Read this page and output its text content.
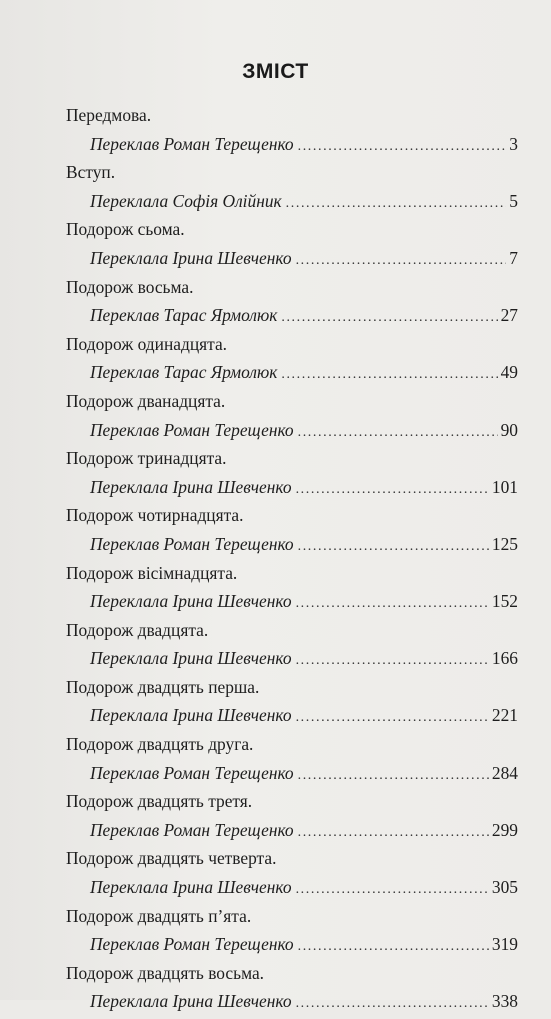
ЗМІСТ
Передмова.
Переклав Роман Терещенко .....	3
Вступ.
Переклала Софія Олійник .....	5
Подорож сьома.
Переклала Ірина Шевченко .....	7
Подорож восьма.
Переклав Тарас Ярмолюк .....	27
Подорож одинадцята.
Переклав Тарас Ярмолюк .....	49
Подорож дванадцята.
Переклав Роман Терещенко .....	90
Подорож тринадцята.
Переклала Ірина Шевченко .....	101
Подорож чотирнадцята.
Переклав Роман Терещенко .....	125
Подорож вісімнадцята.
Переклала Ірина Шевченко .....	152
Подорож двадцята.
Переклала Ірина Шевченко .....	166
Подорож двадцять перша.
Переклала Ірина Шевченко .....	221
Подорож двадцять друга.
Переклав Роман Терещенко .....	284
Подорож двадцять третя.
Переклав Роман Терещенко .....	299
Подорож двадцять четверта.
Переклала Ірина Шевченко .....	305
Подорож двадцять п’ята.
Переклав Роман Терещенко .....	319
Подорож двадцять восьма.
Переклала Ірина Шевченко .....	338
